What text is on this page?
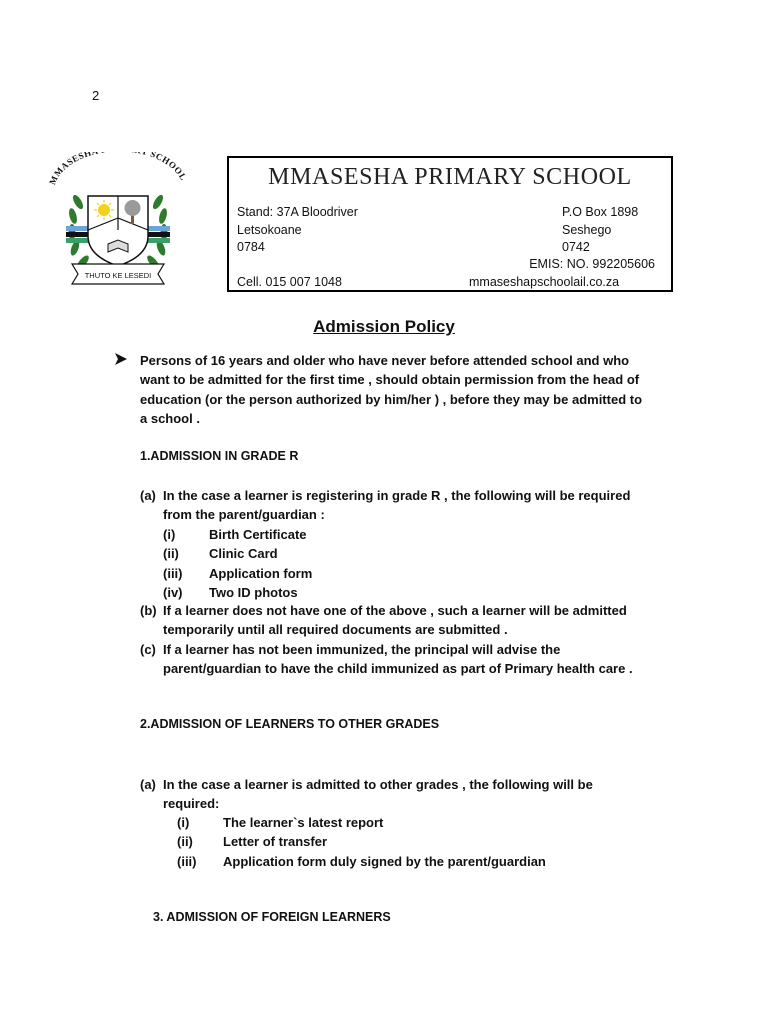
2
MMASESH SCHOOL
THUTO KE LESEDI
MMASESHA PRIMARY SCHOOL
Stand: 37A Bloodriver
Letsokoane
0784
P.O Box 1898
Seshego
0742
EMIS: NO. 992205606
Cell. 015 007 1048	mmaseshapschoolail.co.za
Admission Policy
Persons of 16 years and older who have never before attended school and who
want to be admitted for the first time , should obtain permission from the head of
education (or the person authorized by him/her ) , before they may be admitted to
a school .
1.ADMISSION IN GRADE R
(a) In the case a learner is registering in grade R , the following will be required
from the parent/guardian :
(i)	Birth Certificate
(ii)	Clinic Card
(iii)	Application form
(iv)	Two ID photos
(b) If a learner does not have one of the above , such a learner will be admitted
temporarily until all required documents are submitted .
(c) If a learner has not been immunized, the principal will advise the
parent/guardian to have the child immunized as part of Primary health care .
2.ADMISSION OF LEARNERS TO OTHER GRADES
(a) In the case a learner is admitted to other grades , the following will be
required:
(i)	The learner`s latest report
(ii)	Letter of transfer
(iii)	Application form duly signed by the parent/guardian
3. ADMISSION OF FOREIGN LEARNERS
